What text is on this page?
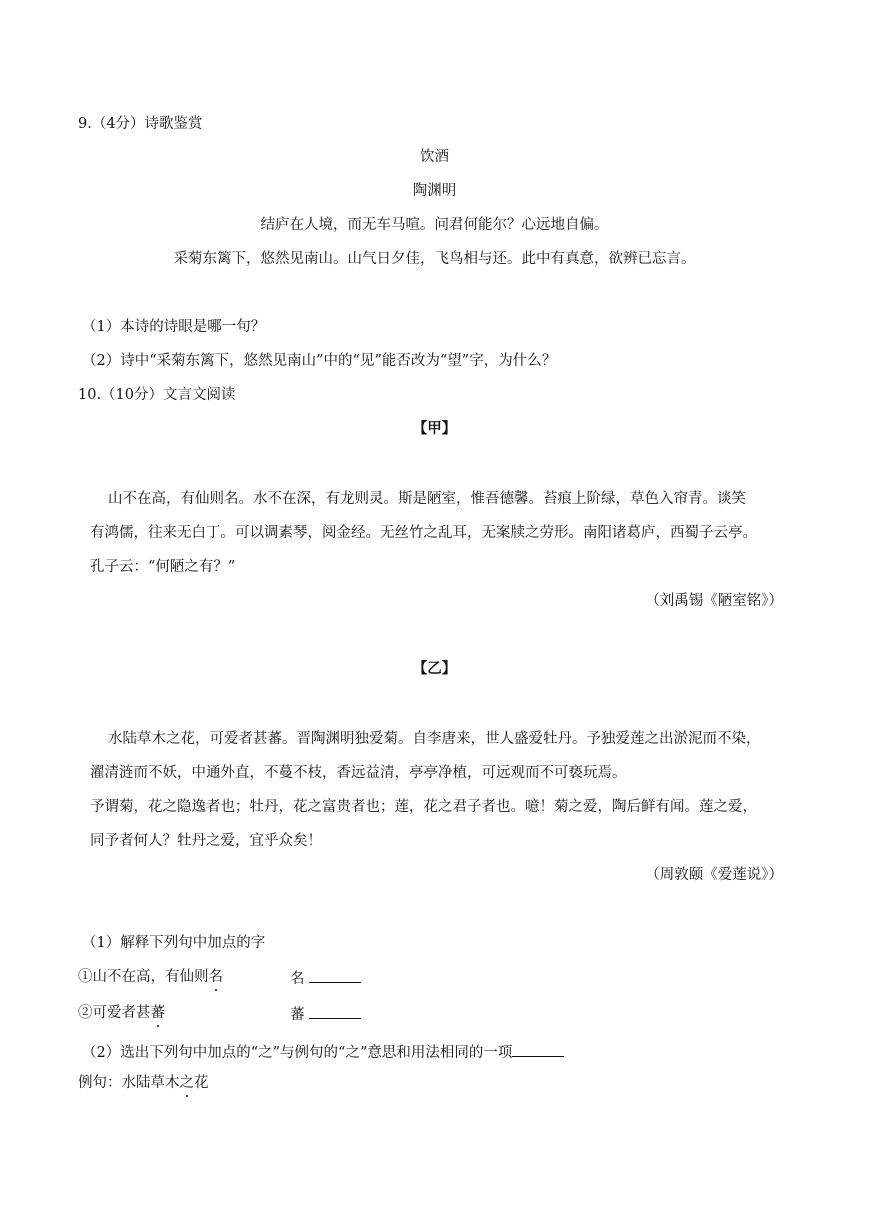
9.（4分）诗歌鉴赏
饮酒
陶渊明
结庐在人境，而无车马喧。问君何能尔？心远地自偏。
采菊东篱下，悠然见南山。山气日夕佳，飞鸟相与还。此中有真意，欲辨已忘言。
（1）本诗的诗眼是哪一句？
（2）诗中“采菊东篱下，悠然见南山”中的“见”能否改为“望”字，为什么？
10.（10分）文言文阅读
【甲】
山不在高，有仙则名。水不在深，有龙则灵。斯是陋室，惟吾德馨。苔痕上阶绿，草色入帘青。谈笑
有鸿儒，往来无白丁。可以调素琴，阅金经。无丝竹之乱耳，无案牍之劳形。南阳诸葛庐，西蜀子云亭。
孔子云：“何陋之有？”
（刘禹锡《陋室铭》）
【乙】
水陆草木之花，可爱者甚蕃。晋陶渊明独爱菊。自李唐来，世人盛爱牡丹。予独爱莲之出淤泥而不染，
濯清涟而不妖，中通外直，不蔓不枝，香远益清，亭亭净植，可远观而不可亵玩焉。
予谓菊，花之隐逸者也；牡丹，花之富贵者也；莲，花之君子者也。噫！菊之爱，陶后鲜有闻。莲之爱，
同予者何人？牡丹之爱，宜乎众矣！
（周敦颐《爱莲说》）
（1）解释下列句中加点的字
①山不在高，有仙则名	名
②可爱者甚蕃	蕃
（2）选出下列句中加点的“之”与例句的“之”意思和用法相同的一项
例句：水陆草木之花
